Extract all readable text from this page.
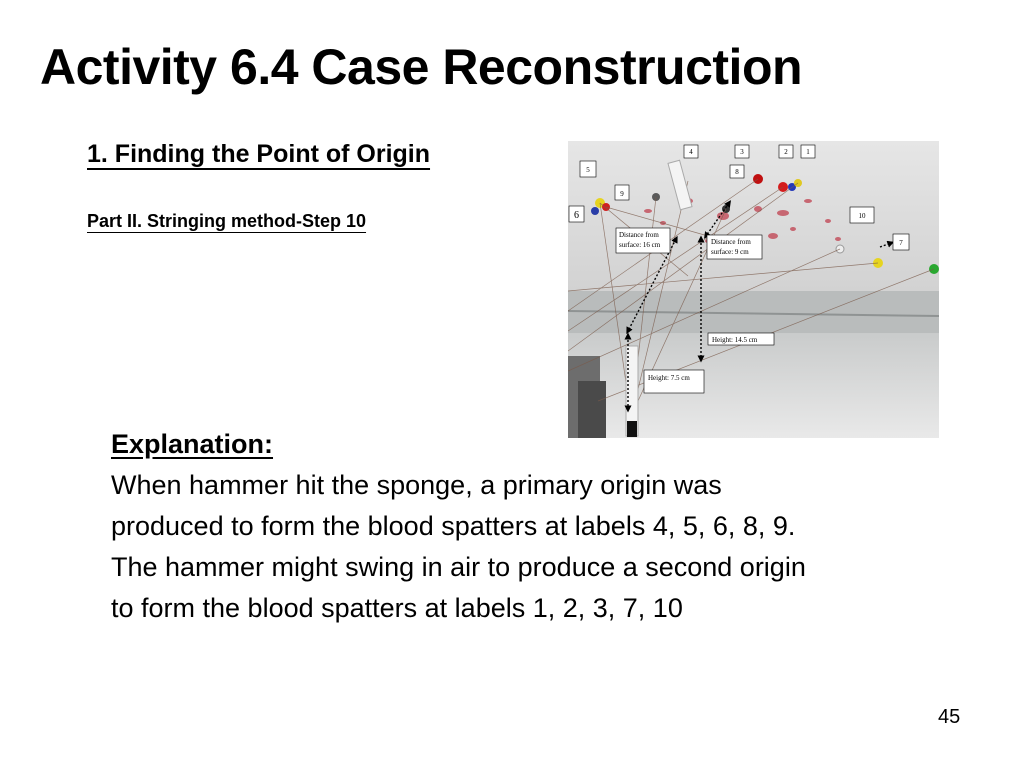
Activity 6.4 Case Reconstruction
1. Finding the Point of Origin
Part II. Stringing method-Step 10
4	3	2	1
5	8
9
6	10
7
Distance from
surface: 16 cm	Distance from
surface: 9 cm
Height: 14.5 cm
Height: 7.5 cm

Explanation:

When hammer hit the sponge, a primary origin was

produced to form the blood spatters at labels 4, 5, 6, 8, 9.

The hammer might swing in air to produce a second origin

to form the blood spatters at labels 1, 2, 3, 7, 10

45
